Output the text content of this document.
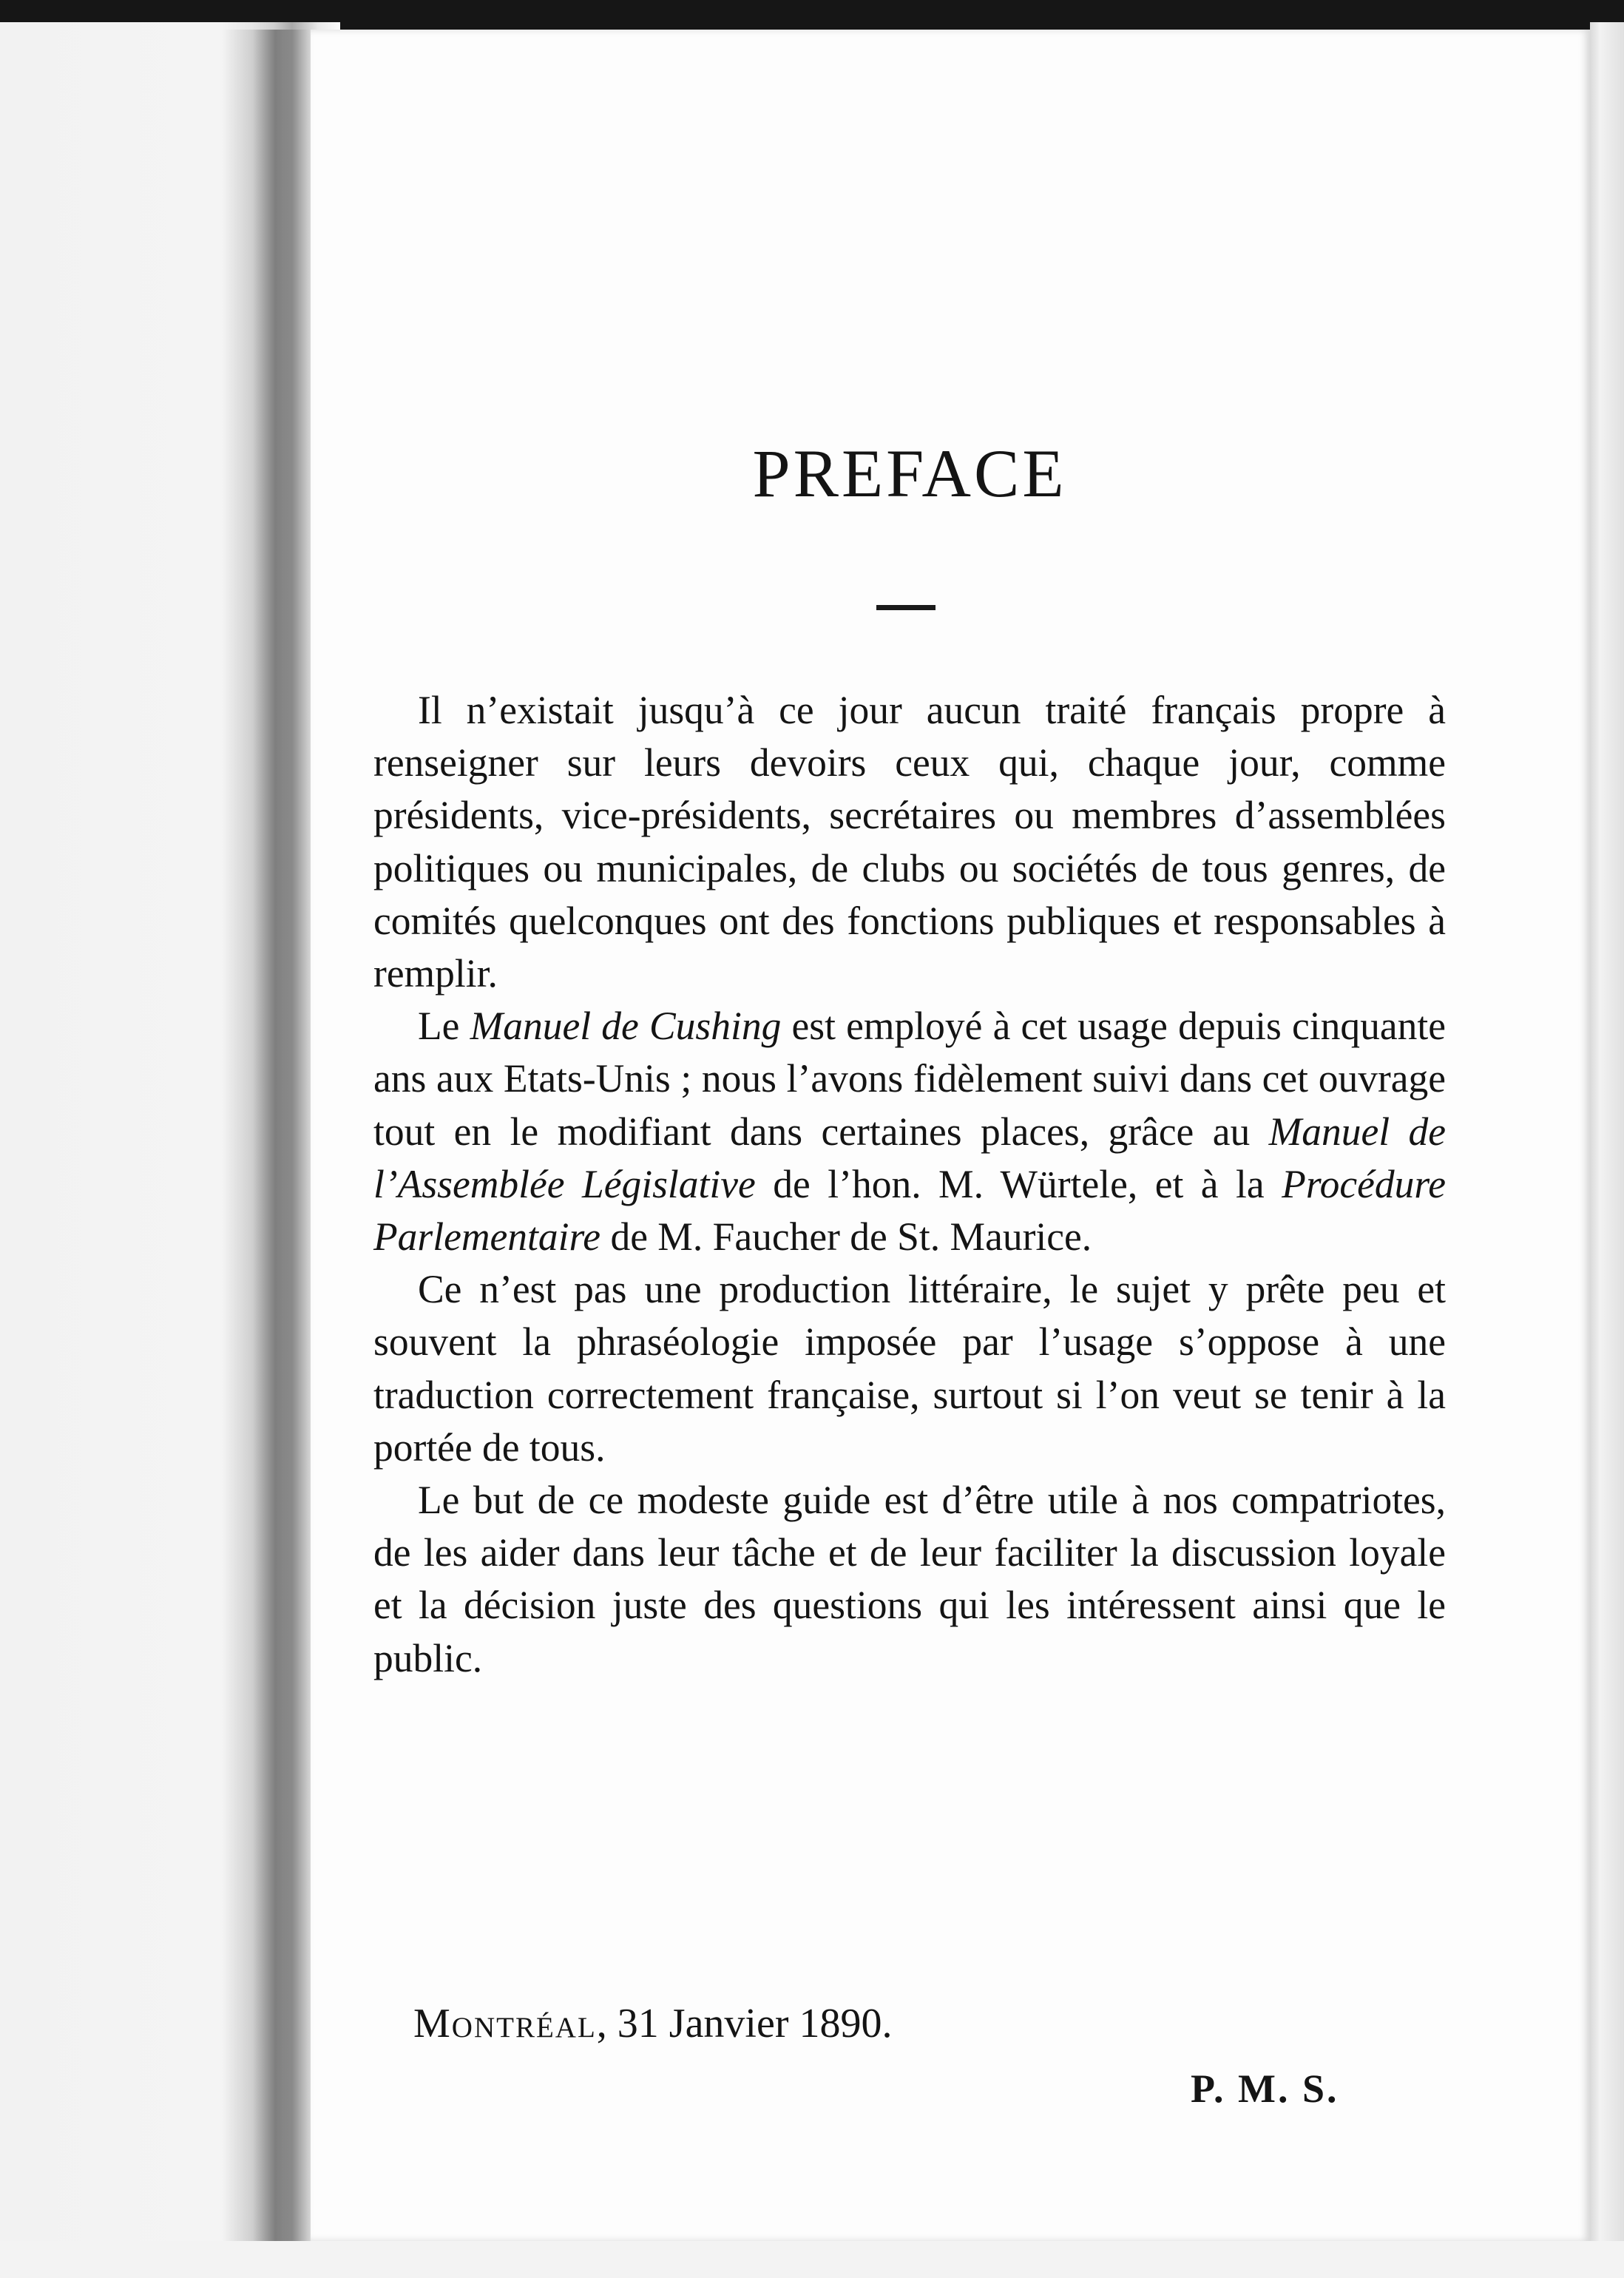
PREFACE

Il n’existait jusqu’à ce jour aucun traité français propre à renseigner sur leurs devoirs ceux qui, chaque jour, comme présidents, vice-présidents, secrétaires ou membres d’assemblées politiques ou municipales, de clubs ou sociétés de tous genres, de comités quelconques ont des fonctions publiques et responsables à remplir.

Le Manuel de Cushing est employé à cet usage depuis cinquante ans aux Etats-Unis ; nous l’avons fidèlement suivi dans cet ouvrage tout en le modifiant dans certaines places, grâce au Manuel de l’Assemblée Législative de l’hon. M. Würtele, et à la Procédure Parlementaire de M. Faucher de St. Maurice.

Ce n’est pas une production littéraire, le sujet y prête peu et souvent la phraséologie imposée par l’usage s’oppose à une traduction correctement française, surtout si l’on veut se tenir à la portée de tous.

Le but de ce modeste guide est d’être utile à nos compatriotes, de les aider dans leur tâche et de leur faciliter la discussion loyale et la décision juste des questions qui les intéressent ainsi que le public.

Montréal, 31 Janvier 1890.
P. M. S.
